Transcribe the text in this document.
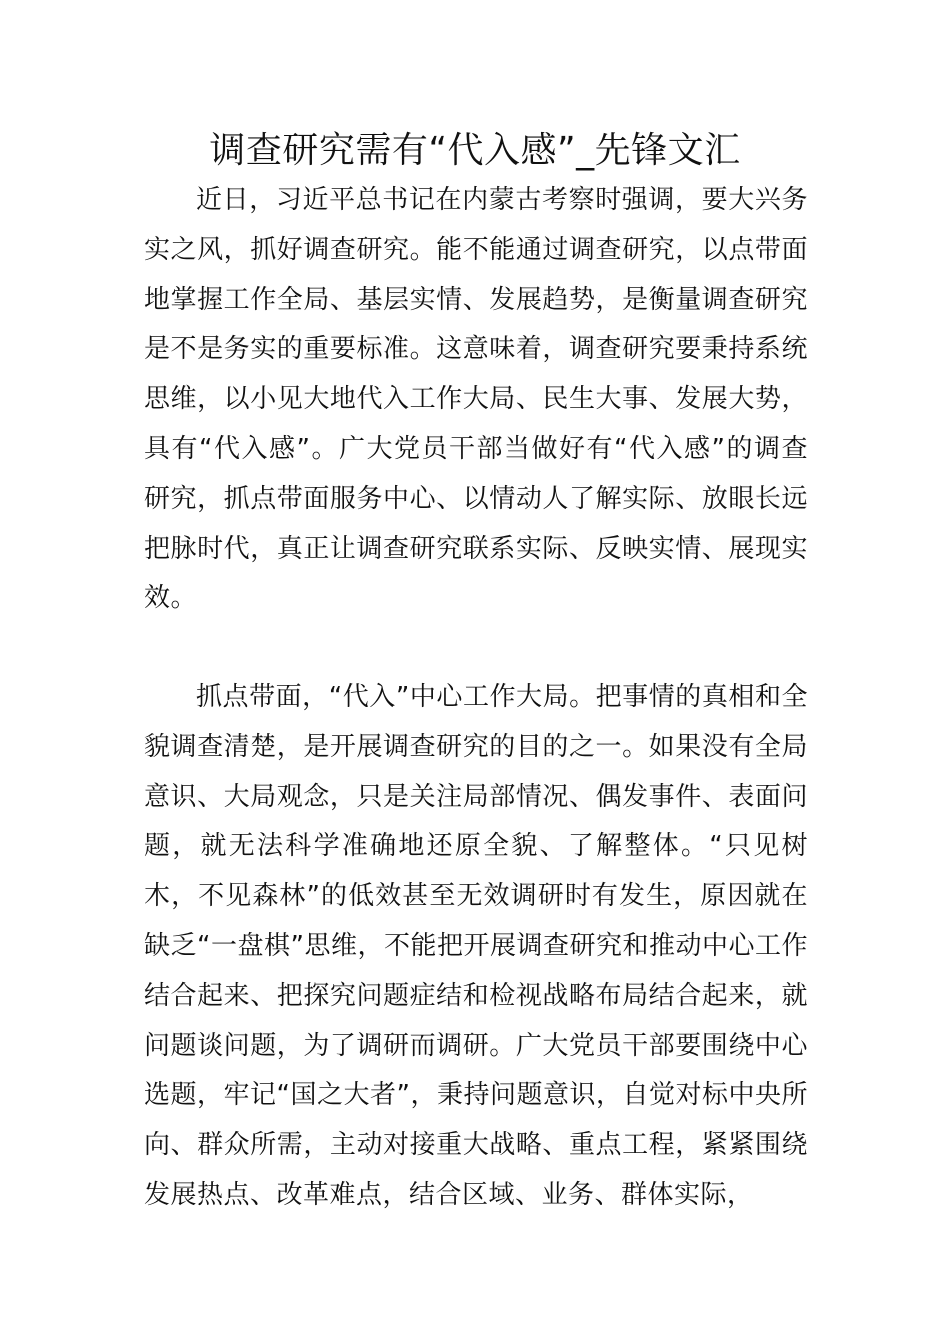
调查研究需有“代入感”_先锋文汇

近日，习近平总书记在内蒙古考察时强调，要大兴务实之风，抓好调查研究。能不能通过调查研究，以点带面地掌握工作全局、基层实情、发展趋势，是衡量调查研究是不是务实的重要标准。这意味着，调查研究要秉持系统思维，以小见大地代入工作大局、民生大事、发展大势，具有“代入感”。广大党员干部当做好有“代入感”的调查研究，抓点带面服务中心、以情动人了解实际、放眼长远把脉时代，真正让调查研究联系实际、反映实情、展现实效。

抓点带面，“代入”中心工作大局。把事情的真相和全貌调查清楚，是开展调查研究的目的之一。如果没有全局意识、大局观念，只是关注局部情况、偶发事件、表面问题，就无法科学准确地还原全貌、了解整体。“只见树木，不见森林”的低效甚至无效调研时有发生，原因就在缺乏“一盘棋”思维，不能把开展调查研究和推动中心工作结合起来、把探究问题症结和检视战略布局结合起来，就问题谈问题，为了调研而调研。广大党员干部要围绕中心选题，牢记“国之大者”，秉持问题意识，自觉对标中央所向、群众所需，主动对接重大战略、重点工程，紧紧围绕发展热点、改革难点，结合区域、业务、群体实际，
